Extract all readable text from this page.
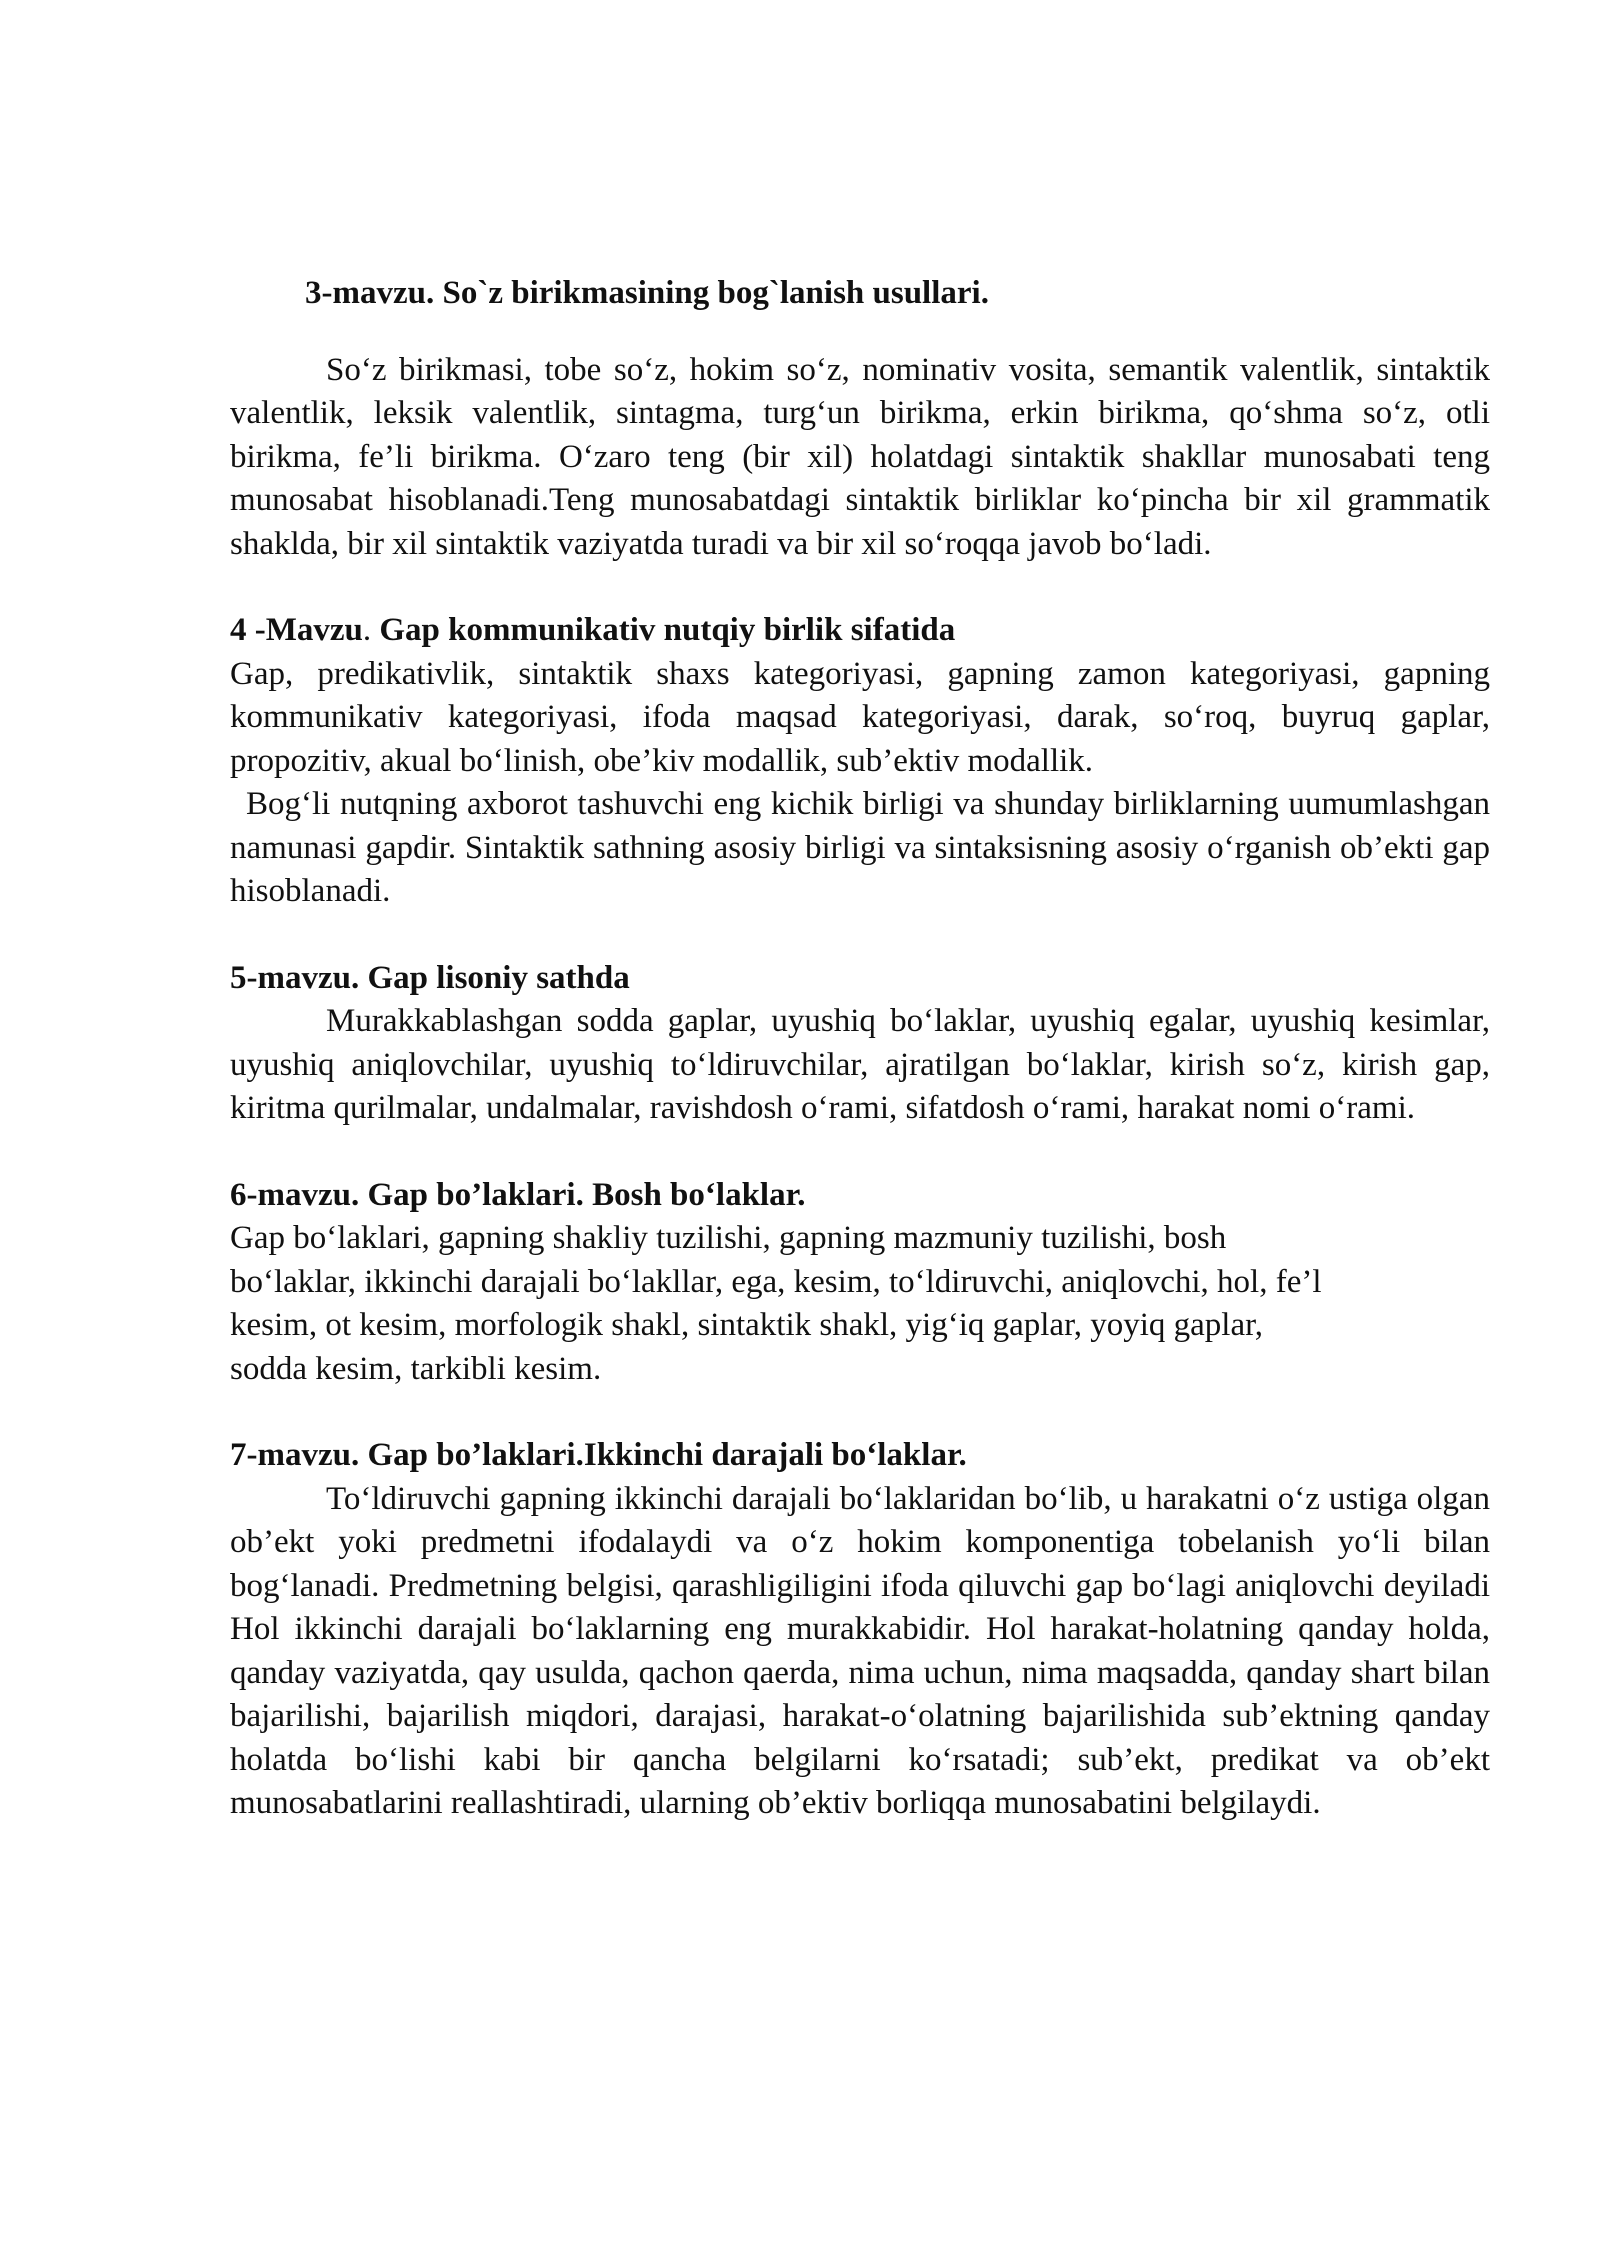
3-mavzu. So`z birikmasining bog`lanish usullari.

So‘z birikmasi, tobe so‘z, hokim so‘z, nominativ vosita, semantik valentlik, sintaktik valentlik, leksik valentlik, sintagma, turg‘un birikma, erkin birikma, qo‘shma so‘z, otli birikma, fe’li birikma. O‘zaro teng (bir xil) holatdagi sintaktik shakllar munosabati teng munosabat hisoblanadi.Teng munosabatdagi sintaktik birliklar ko‘pincha bir xil grammatik shaklda, bir xil sintaktik vaziyatda turadi va bir xil so‘roqqa javob bo‘ladi.

4 -Mavzu. Gap kommunikativ nutqiy birlik sifatida

Gap, predikativlik, sintaktik shaxs kategoriyasi, gapning zamon kategoriyasi, gapning kommunikativ kategoriyasi, ifoda maqsad kategoriyasi, darak, so‘roq, buyruq gaplar, propozitiv, akual bo‘linish, obe’kiv modallik, sub’ektiv modallik.

Bog‘li nutqning axborot tashuvchi eng kichik birligi va shunday birliklarning uumumlashgan namunasi gapdir. Sintaktik sathning asosiy birligi va sintaksisning asosiy o‘rganish ob’ekti gap hisoblanadi.

5-mavzu. Gap lisoniy sathda

Murakkablashgan sodda gaplar, uyushiq bo‘laklar, uyushiq egalar, uyushiq kesimlar, uyushiq aniqlovchilar, uyushiq to‘ldiruvchilar, ajratilgan bo‘laklar, kirish so‘z, kirish gap, kiritma qurilmalar, undalmalar, ravishdosh o‘rami, sifatdosh o‘rami, harakat nomi o‘rami.

6-mavzu. Gap bo’laklari. Bosh bo‘laklar.

Gap bo‘laklari, gapning shakliy tuzilishi, gapning mazmuniy tuzilishi, bosh
bo‘laklar, ikkinchi darajali bo‘lakllar, ega, kesim, to‘ldiruvchi, aniqlovchi, hol, fe’l
kesim, ot kesim, morfologik shakl, sintaktik shakl, yig‘iq gaplar, yoyiq gaplar,
sodda kesim, tarkibli kesim.

7-mavzu. Gap bo’laklari.Ikkinchi darajali bo‘laklar.

To‘ldiruvchi gapning ikkinchi darajali bo‘laklaridan bo‘lib, u harakatni o‘z ustiga olgan ob’ekt yoki predmetni ifodalaydi va o‘z hokim komponentiga tobelanish yo‘li bilan bog‘lanadi. Predmetning belgisi, qarashligiligini ifoda qiluvchi gap bo‘lagi aniqlovchi deyiladi Hol ikkinchi darajali bo‘laklarning eng murakkabidir. Hol harakat-holatning qanday holda, qanday vaziyatda, qay usulda, qachon qaerda, nima uchun, nima maqsadda, qanday shart bilan bajarilishi, bajarilish miqdori, darajasi, harakat-o‘olatning bajarilishida sub’ektning qanday holatda bo‘lishi kabi bir qancha belgilarni ko‘rsatadi; sub’ekt, predikat va ob’ekt munosabatlarini reallashtiradi, ularning ob’ektiv borliqqa munosabatini belgilaydi.
